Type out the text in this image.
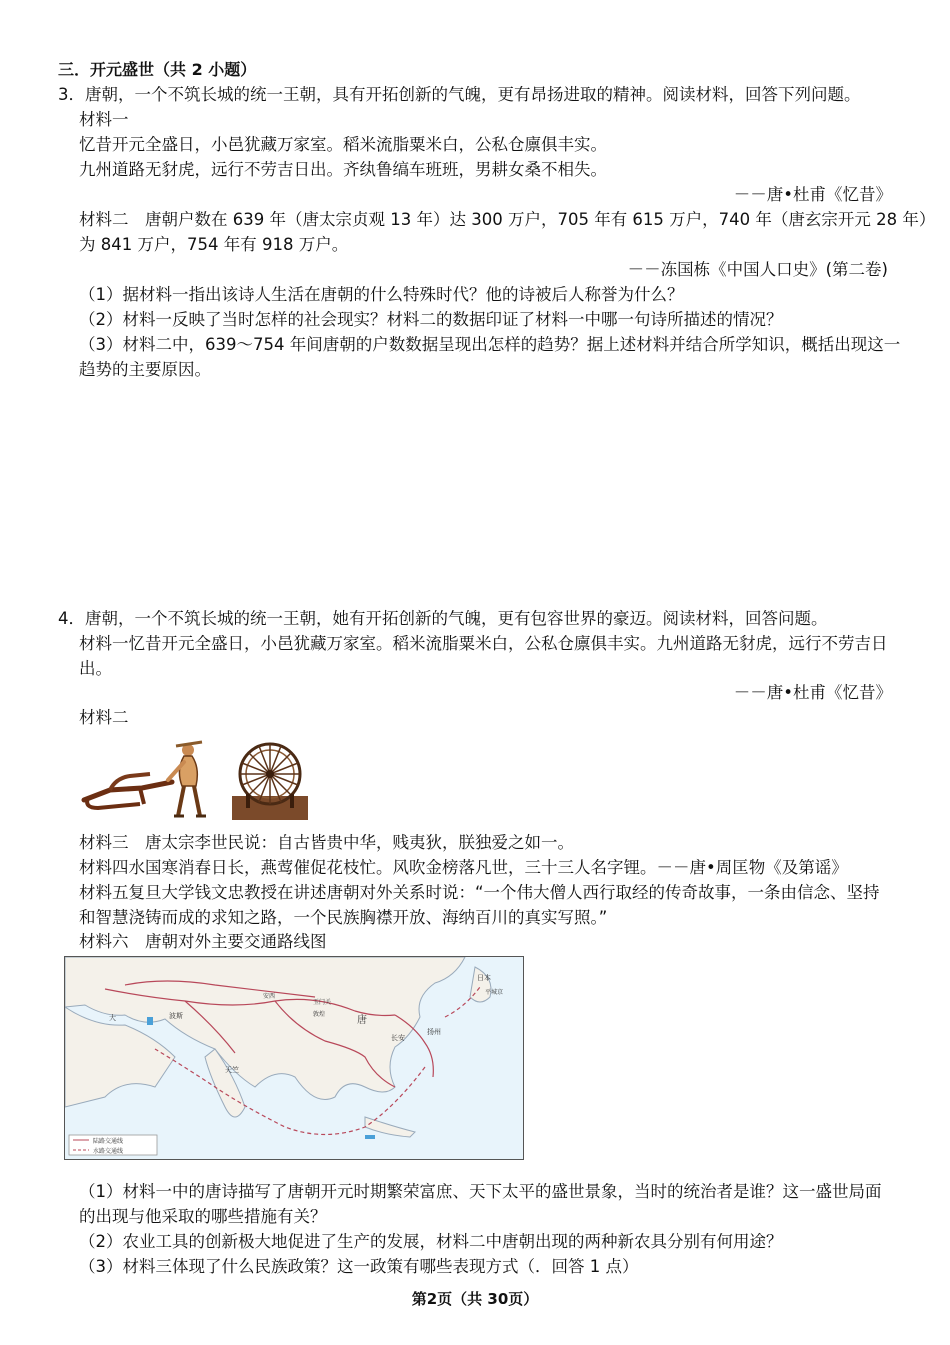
三．开元盛世（共 2 小题）
3．唐朝，一个不筑长城的统一王朝，具有开拓创新的气魄，更有昂扬进取的精神。阅读材料，回答下列问题。
材料一
忆昔开元全盛日，小邑犹藏万家室。稻米流脂粟米白，公私仓廪俱丰实。
九州道路无豺虎，远行不劳吉日出。齐纨鲁缟车班班，男耕女桑不相失。
－－唐•杜甫《忆昔》
材料二　唐朝户数在 639 年（唐太宗贞观 13 年）达 300 万户，705 年有 615 万户，740 年（唐玄宗开元 28 年）
为 841 万户，754 年有 918 万户。
－－冻国栋《中国人口史》(第二卷)
（1）据材料一指出该诗人生活在唐朝的什么特殊时代？他的诗被后人称誉为什么？
（2）材料一反映了当时怎样的社会现实？材料二的数据印证了材料一中哪一句诗所描述的情况？
（3）材料二中，639～754 年间唐朝的户数数据呈现出怎样的趋势？据上述材料并结合所学知识，概括出现这一
趋势的主要原因。
4．唐朝，一个不筑长城的统一王朝，她有开拓创新的气魄，更有包容世界的豪迈。阅读材料，回答问题。
材料一忆昔开元全盛日，小邑犹藏万家室。稻米流脂粟米白，公私仓廪俱丰实。九州道路无豺虎，远行不劳吉日
出。
－－唐•杜甫《忆昔》
材料二
材料三　唐太宗李世民说：自古皆贵中华，贱夷狄，朕独爱之如一。
材料四水国寒消春日长，燕莺催促花枝忙。风吹金榜落凡世，三十三人名字锂。－－唐•周匡物《及第谣》
材料五复旦大学钱文忠教授在讲述唐朝对外关系时说：“一个伟大僧人西行取经的传奇故事，一条由信念、坚持
和智慧浇铸而成的求知之路，一个民族胸襟开放、海纳百川的真实写照。”
材料六　唐朝对外主要交通路线图
唐
长安
扬州
日本
平城京
天竺
大	波斯
安西
敦煌
玉门关
陆路交通线
水路交通线
（1）材料一中的唐诗描写了唐朝开元时期繁荣富庶、天下太平的盛世景象，当时的统治者是谁？这一盛世局面
的出现与他采取的哪些措施有关？
（2）农业工具的创新极大地促进了生产的发展，材料二中唐朝出现的两种新农具分别有何用途？
（3）材料三体现了什么民族政策？这一政策有哪些表现方式（．回答 1 点）
第2页（共 30页）
